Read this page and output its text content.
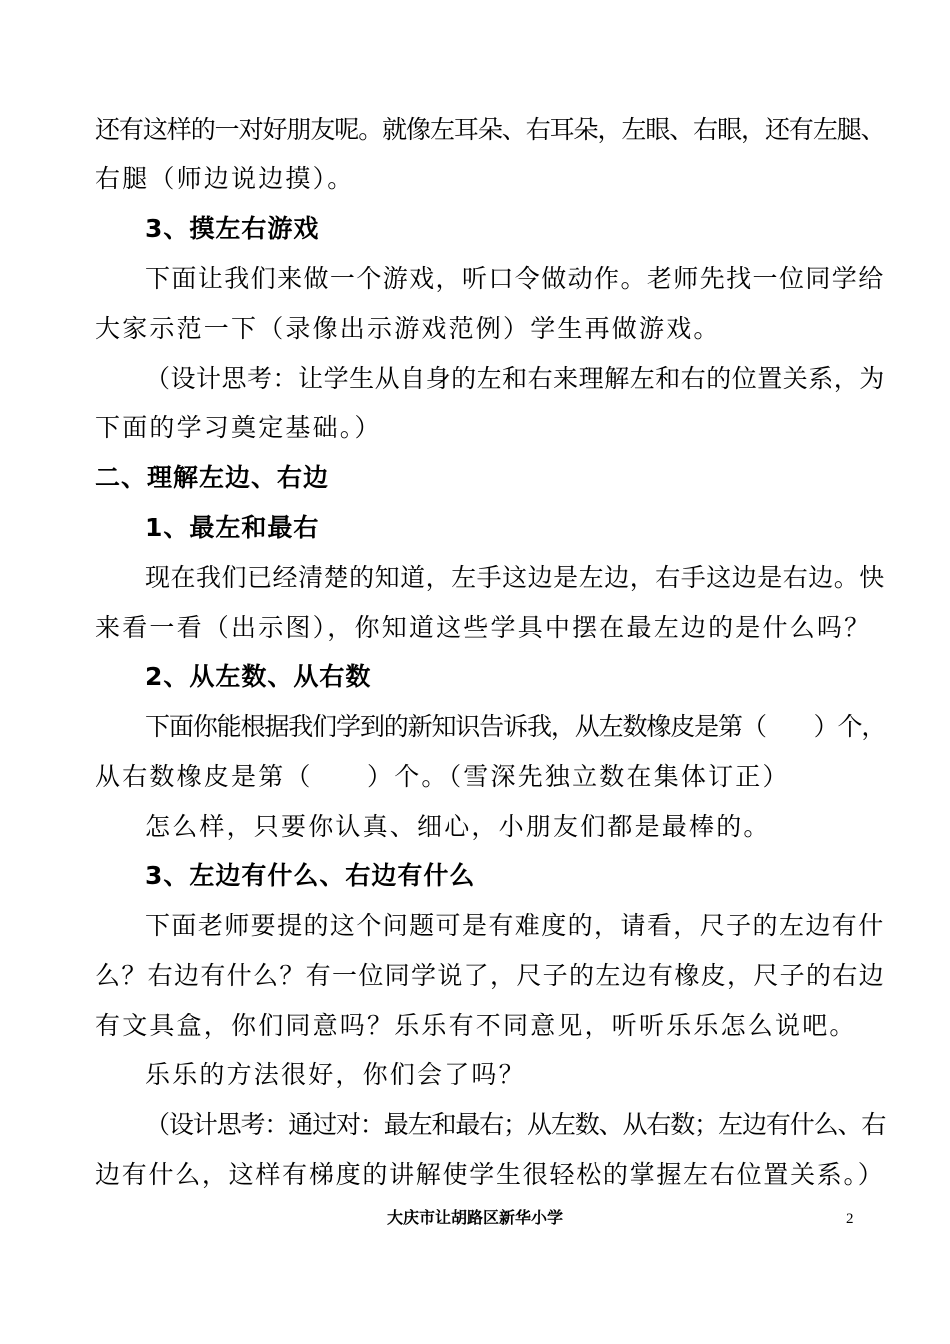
还有这样的一对好朋友呢。就像左耳朵、右耳朵，左眼、右眼，还有左腿、
右腿（师边说边摸）。
3、摸左右游戏
下面让我们来做一个游戏，听口令做动作。老师先找一位同学给
大家示范一下（录像出示游戏范例）学生再做游戏。
（设计思考：让学生从自身的左和右来理解左和右的位置关系，为
下面的学习奠定基础。）
二、理解左边、右边
1、最左和最右
现在我们已经清楚的知道，左手这边是左边，右手这边是右边。快
来看一看（出示图），你知道这些学具中摆在最左边的是什么吗？
2、从左数、从右数
下面你能根据我们学到的新知识告诉我，从左数橡皮是第（　　）个，
从右数橡皮是第（　　）个。（雪深先独立数在集体订正）
怎么样，只要你认真、细心，小朋友们都是最棒的。
3、左边有什么、右边有什么
下面老师要提的这个问题可是有难度的，请看，尺子的左边有什
么？右边有什么？有一位同学说了，尺子的左边有橡皮，尺子的右边
有文具盒，你们同意吗？乐乐有不同意见，听听乐乐怎么说吧。
乐乐的方法很好，你们会了吗？
（设计思考：通过对：最左和最右；从左数、从右数；左边有什么、右
边有什么，这样有梯度的讲解使学生很轻松的掌握左右位置关系。）
大庆市让胡路区新华小学	2
